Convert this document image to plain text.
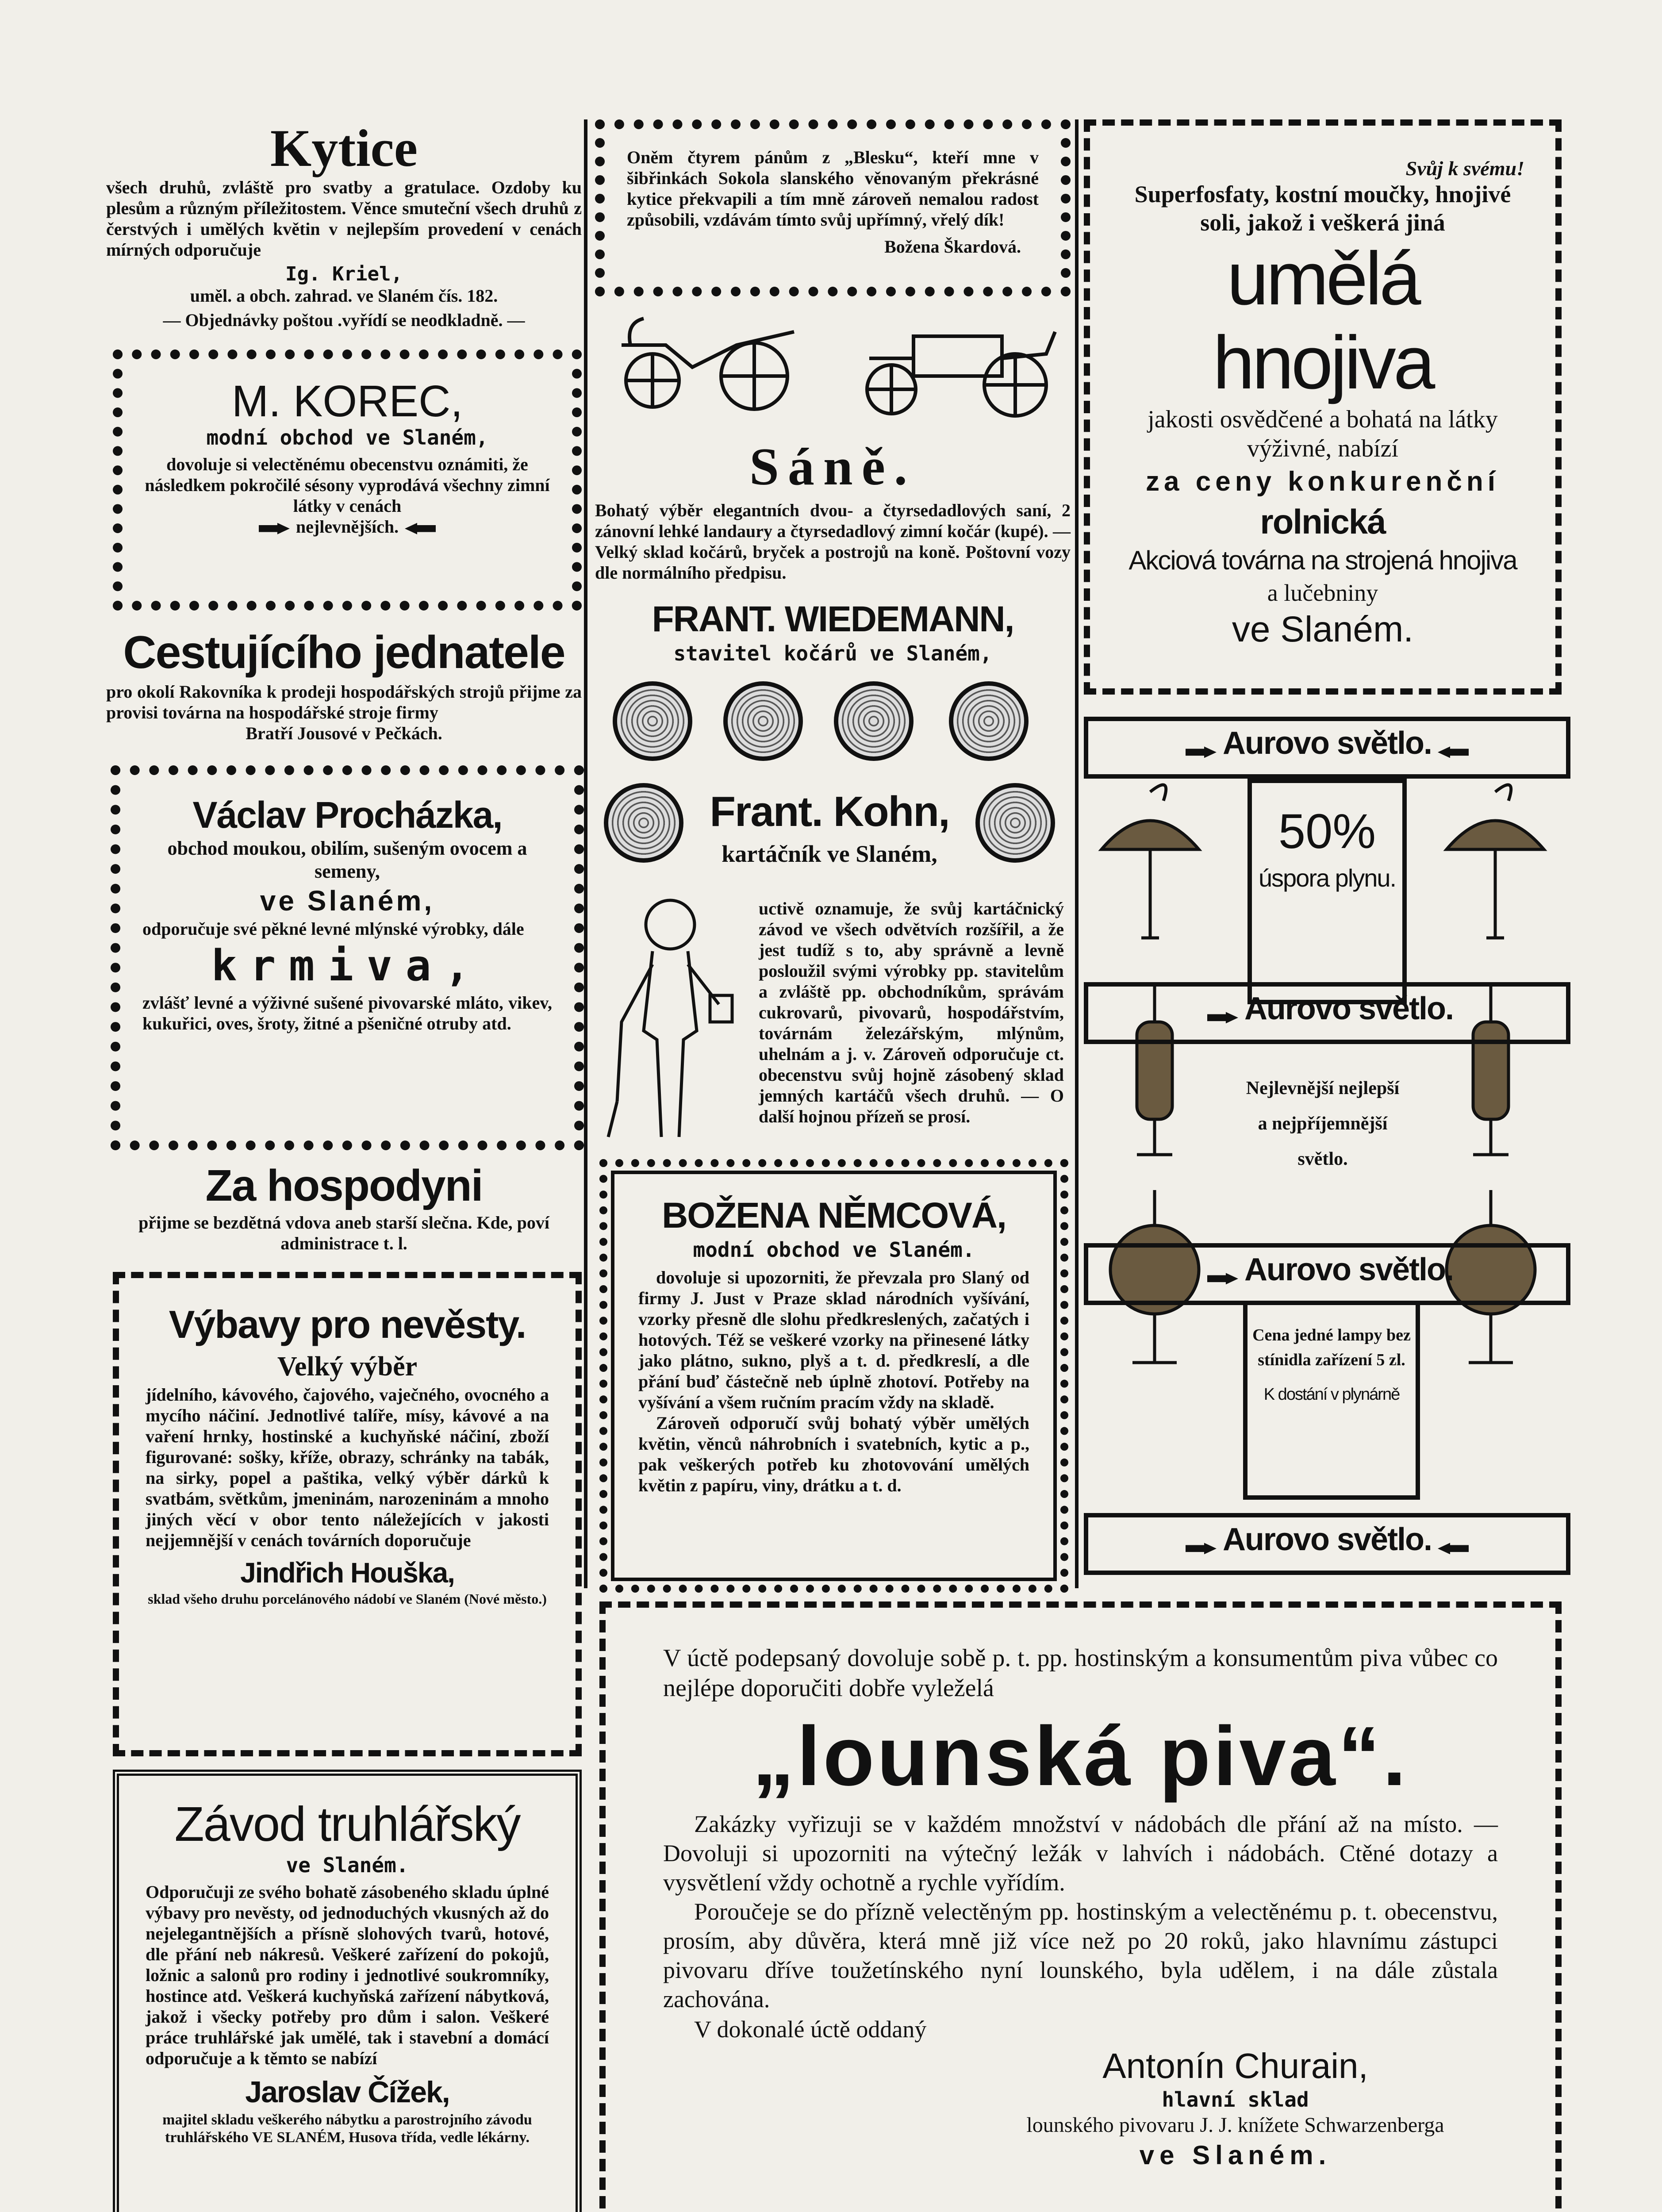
Kytice

všech druhů, zvláště pro svatby a gratulace. Ozdoby ku plesům a různým příležitostem. Věnce smuteční všech druhů z čerstvých i umělých květin v nejlepším provedení v cenách mírných odporučuje

Ig. Kriel,
uměl. a obch. zahrad. ve Slaném čís. 182.
— Objednávky poštou .vyřídí se neodkladně. —
M. KOREC,
modní obchod ve Slaném,

dovoluje si velectěnému obecenstvu oznámiti, že následkem pokročilé sésony vyprodává všechny zimní látky v cenách

nejlevnějších.
Cestujícího jednatele

pro okolí Rakovníka k prodeji hospodářských strojů přijme za provisi továrna na hospodářské stroje firmy

Bratří Jousové v Pečkách.
Václav Procházka,

obchod moukou, obilím, sušeným ovocem a semeny,

ve Slaném,

odporučuje své pěkné levné mlýnské výrobky, dále

krmiva,

zvlášť levné a výživné sušené pivovarské mláto, vikev, kukuřici, oves, šroty, žitné a pšeničné otruby atd.

Za hospodyni

přijme se bezdětná vdova aneb starší slečna. Kde, poví administrace t. l.

Výbavy pro nevěsty.
Velký výběr

jídelního, kávového, čajového, vaječného, ovocného a mycího náčiní. Jednotlivé talíře, mísy, kávové a na vaření hrnky, hostinské a kuchyňské náčiní, zboží figurované: sošky, kříže, obrazy, schránky na tabák, na sirky, popel a paštika, velký výběr dárků k svatbám, světkům, jmeninám, narozeninám a mnoho jiných věcí v obor tento náležejících v jakosti nejjemnější v cenách továrních doporučuje

Jindřich Houška,

sklad všeho druhu porcelánového nádobí ve Slaném (Nové město.)

Závod truhlářský
ve Slaném.

Odporučuji ze svého bohatě zásobeného skladu úplné výbavy pro nevěsty, od jednoduchých vkusných až do nejelegantnějších a přísně slohových tvarů, hotové, dle přání neb nákresů. Veškeré zařízení do pokojů, ložnic a salonů pro rodiny i jednotlivé soukromníky, hostince atd. Veškerá kuchyňská zařízení nábytková, jakož i všecky potřeby pro dům i salon. Veškeré práce truhlářské jak umělé, tak i stavební a domácí odporučuje a k těmto se nabízí

Jaroslav Čížek,

majitel skladu veškerého nábytku a parostrojního závodu truhlářského VE SLANÉM, Husova třída, vedle lékárny.

Oněm čtyrem pánům z „Blesku“, kteří mne v šibřinkách Sokola slanského věnovaným překrásné kytice překvapili a tím mně zároveň nemalou radost způsobili, vzdávám tímto svůj upřímný, vřelý dík!

Božena Škardová.
Sáně.

Bohatý výběr elegantních dvou- a čtyrsedadlových saní, 2 zánovní lehké landaury a čtyrsedadlový zimní kočár (kupé). — Velký sklad kočárů, bryček a postrojů na koně. Poštovní vozy dle normálního předpisu.

FRANT. WIEDEMANN,
stavitel kočárů ve Slaném,
Frant. Kohn,
kartáčník ve Slaném,

uctivě oznamuje, že svůj kartáčnický závod ve všech odvětvích rozšířil, a že jest tudíž s to, aby správně a levně posloužil svými výrobky pp. stavitelům a zvláště pp. obchodníkům, správám cukrovarů, pivovarů, hospodářstvím, továrnám železářským, mlýnům, uhelnám a j. v. Zároveň odporučuje ct. obecenstvu svůj hojně zásobený sklad jemných kartáčů všech druhů. — O další hojnou přízeň se prosí.

BOŽENA NĚMCOVÁ,
modní obchod ve Slaném.

dovoluje si upozorniti, že převzala pro Slaný od firmy J. Just v Praze sklad národních vyšívání, vzorky přesně dle slohu předkreslených, začatých i hotových. Též se veškeré vzorky na přinesené látky jako plátno, sukno, plyš a t. d. předkreslí, a dle přání buď částečně neb úplně zhotoví. Potřeby na vyšívání a všem ručním pracím vždy na skladě.

Zároveň odporučí svůj bohatý výběr umělých květin, věnců náhrobních i svatebních, kytic a p., pak veškerých potřeb ku zhotovování umělých květin z papíru, viny, drátku a t. d.

Svůj k svému!

Superfosfaty, kostní moučky, hnojivé soli, jakož i veškerá jiná

umělá hnojiva

jakosti osvědčené a bohatá na látky výživné, nabízí

za ceny konkurenční
rolnická
Akciová továrna na strojená hnojiva
a lučebniny
ve Slaném.
Aurovo světlo.
50%
úspora plynu.
Aurovo světlo.
Nejlevnější nejlepší a nejpříjemnější světlo.
Aurovo světlo.
Cena jedné lampy bez stínidla zařízení 5 zl.
K dostání v plynárně
Aurovo světlo.

V úctě podepsaný dovoluje sobě p. t. pp. hostinským a konsumentům piva vůbec co nejlépe doporučiti dobře vyleželá

„lounská piva“.

Zakázky vyřizuji se v každém množství v nádobách dle přání až na místo. — Dovoluji si upozorniti na výtečný ležák v lahvích i nádobách. Ctěné dotazy a vysvětlení vždy ochotně a rychle vyřídím.

Poroučeje se do přízně velectěným pp. hostinským a velectěnému p. t. obecenstvu, prosím, aby důvěra, která mně již více než po 20 roků, jako hlavnímu zástupci pivovaru dříve toužetínského nyní lounského, byla udělem, i na dále zůstala zachována.

V dokonalé úctě oddaný

Antonín Churain,
hlavní sklad
lounského pivovaru J. J. knížete Schwarzenberga
ve Slaném.
